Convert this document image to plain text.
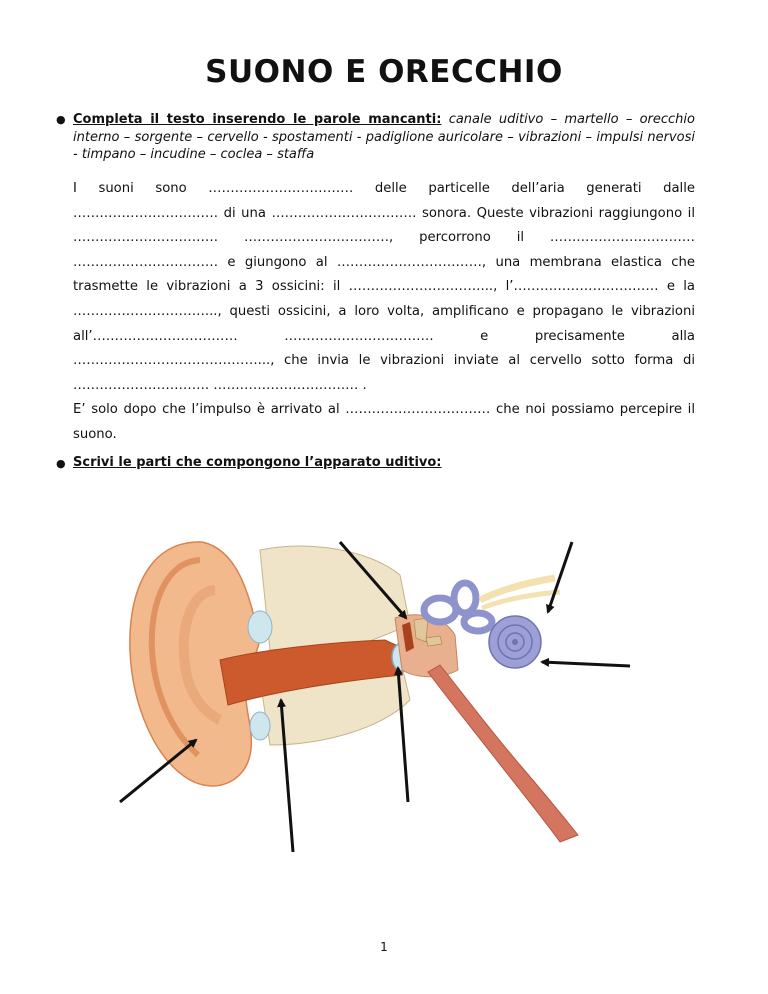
SUONO E ORECCHIO
● Completa il testo inserendo le parole mancanti: canale uditivo – martello – orecchio interno – sorgente – cervello - spostamenti - padiglione auricolare – vibrazioni – impulsi nervosi - timpano – incudine – coclea – staffa

I suoni sono …………………………… delle particelle dell’aria generati dalle …………………………… di una …………………………… sonora. Queste vibrazioni raggiungono il …………………………… ……………………………, percorrono il …………………………… …………………………… e giungono al ……………………………, una membrana elastica che trasmette le vibrazioni a 3 ossicini: il …………………………..., l’…………………………… e la …………………………..., questi ossicini, a loro volta, amplificano e propagano le vibrazioni all’…………………………… ……………………………. e precisamente alla ……………………………………..., che invia le vibrazioni inviate al cervello sotto forma di …………………………. …………………………… .

E’ solo dopo che l’impulso è arrivato al …………………………… che noi possiamo percepire il suono.

● Scrivi le parti che compongono l’apparato uditivo:
1
